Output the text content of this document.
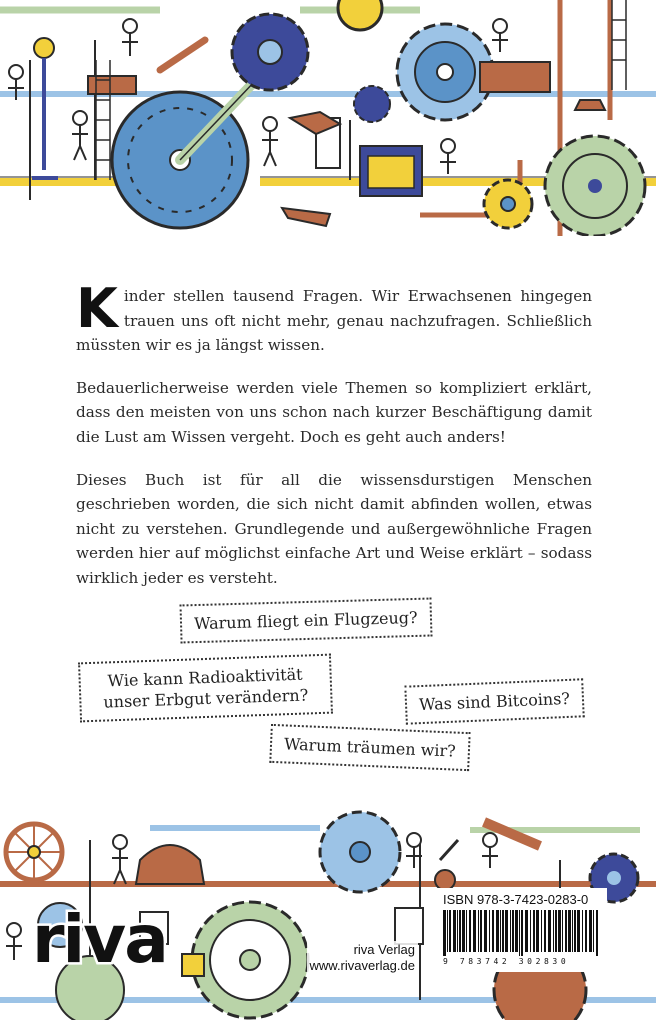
Kinder stellen tausend Fragen. Wir Erwachsenen hingegen trauen uns oft nicht mehr, genau nachzufragen. Schließlich müssten wir es ja längst wissen.

Bedauerlicherweise werden viele Themen so kompliziert erklärt, dass den meisten von uns schon nach kurzer Beschäftigung damit die Lust am Wissen vergeht. Doch es geht auch anders!

Dieses Buch ist für all die wissensdurstigen Menschen geschrieben worden, die sich nicht damit abfinden wollen, etwas nicht zu verstehen. Grundlegende und außergewöhnliche Fragen werden hier auf möglichst einfache Art und Weise erklärt – sodass wirklich jeder es versteht.

Warum fliegt ein Flugzeug?
Wie kann Radioaktivität
unser Erbgut verändern?	Was sind Bitcoins?
Warum träumen wir?
riva	riva Verlag
www.rivaverlag.de
ISBN 978-3-7423-0283-0
9 783742 302830
